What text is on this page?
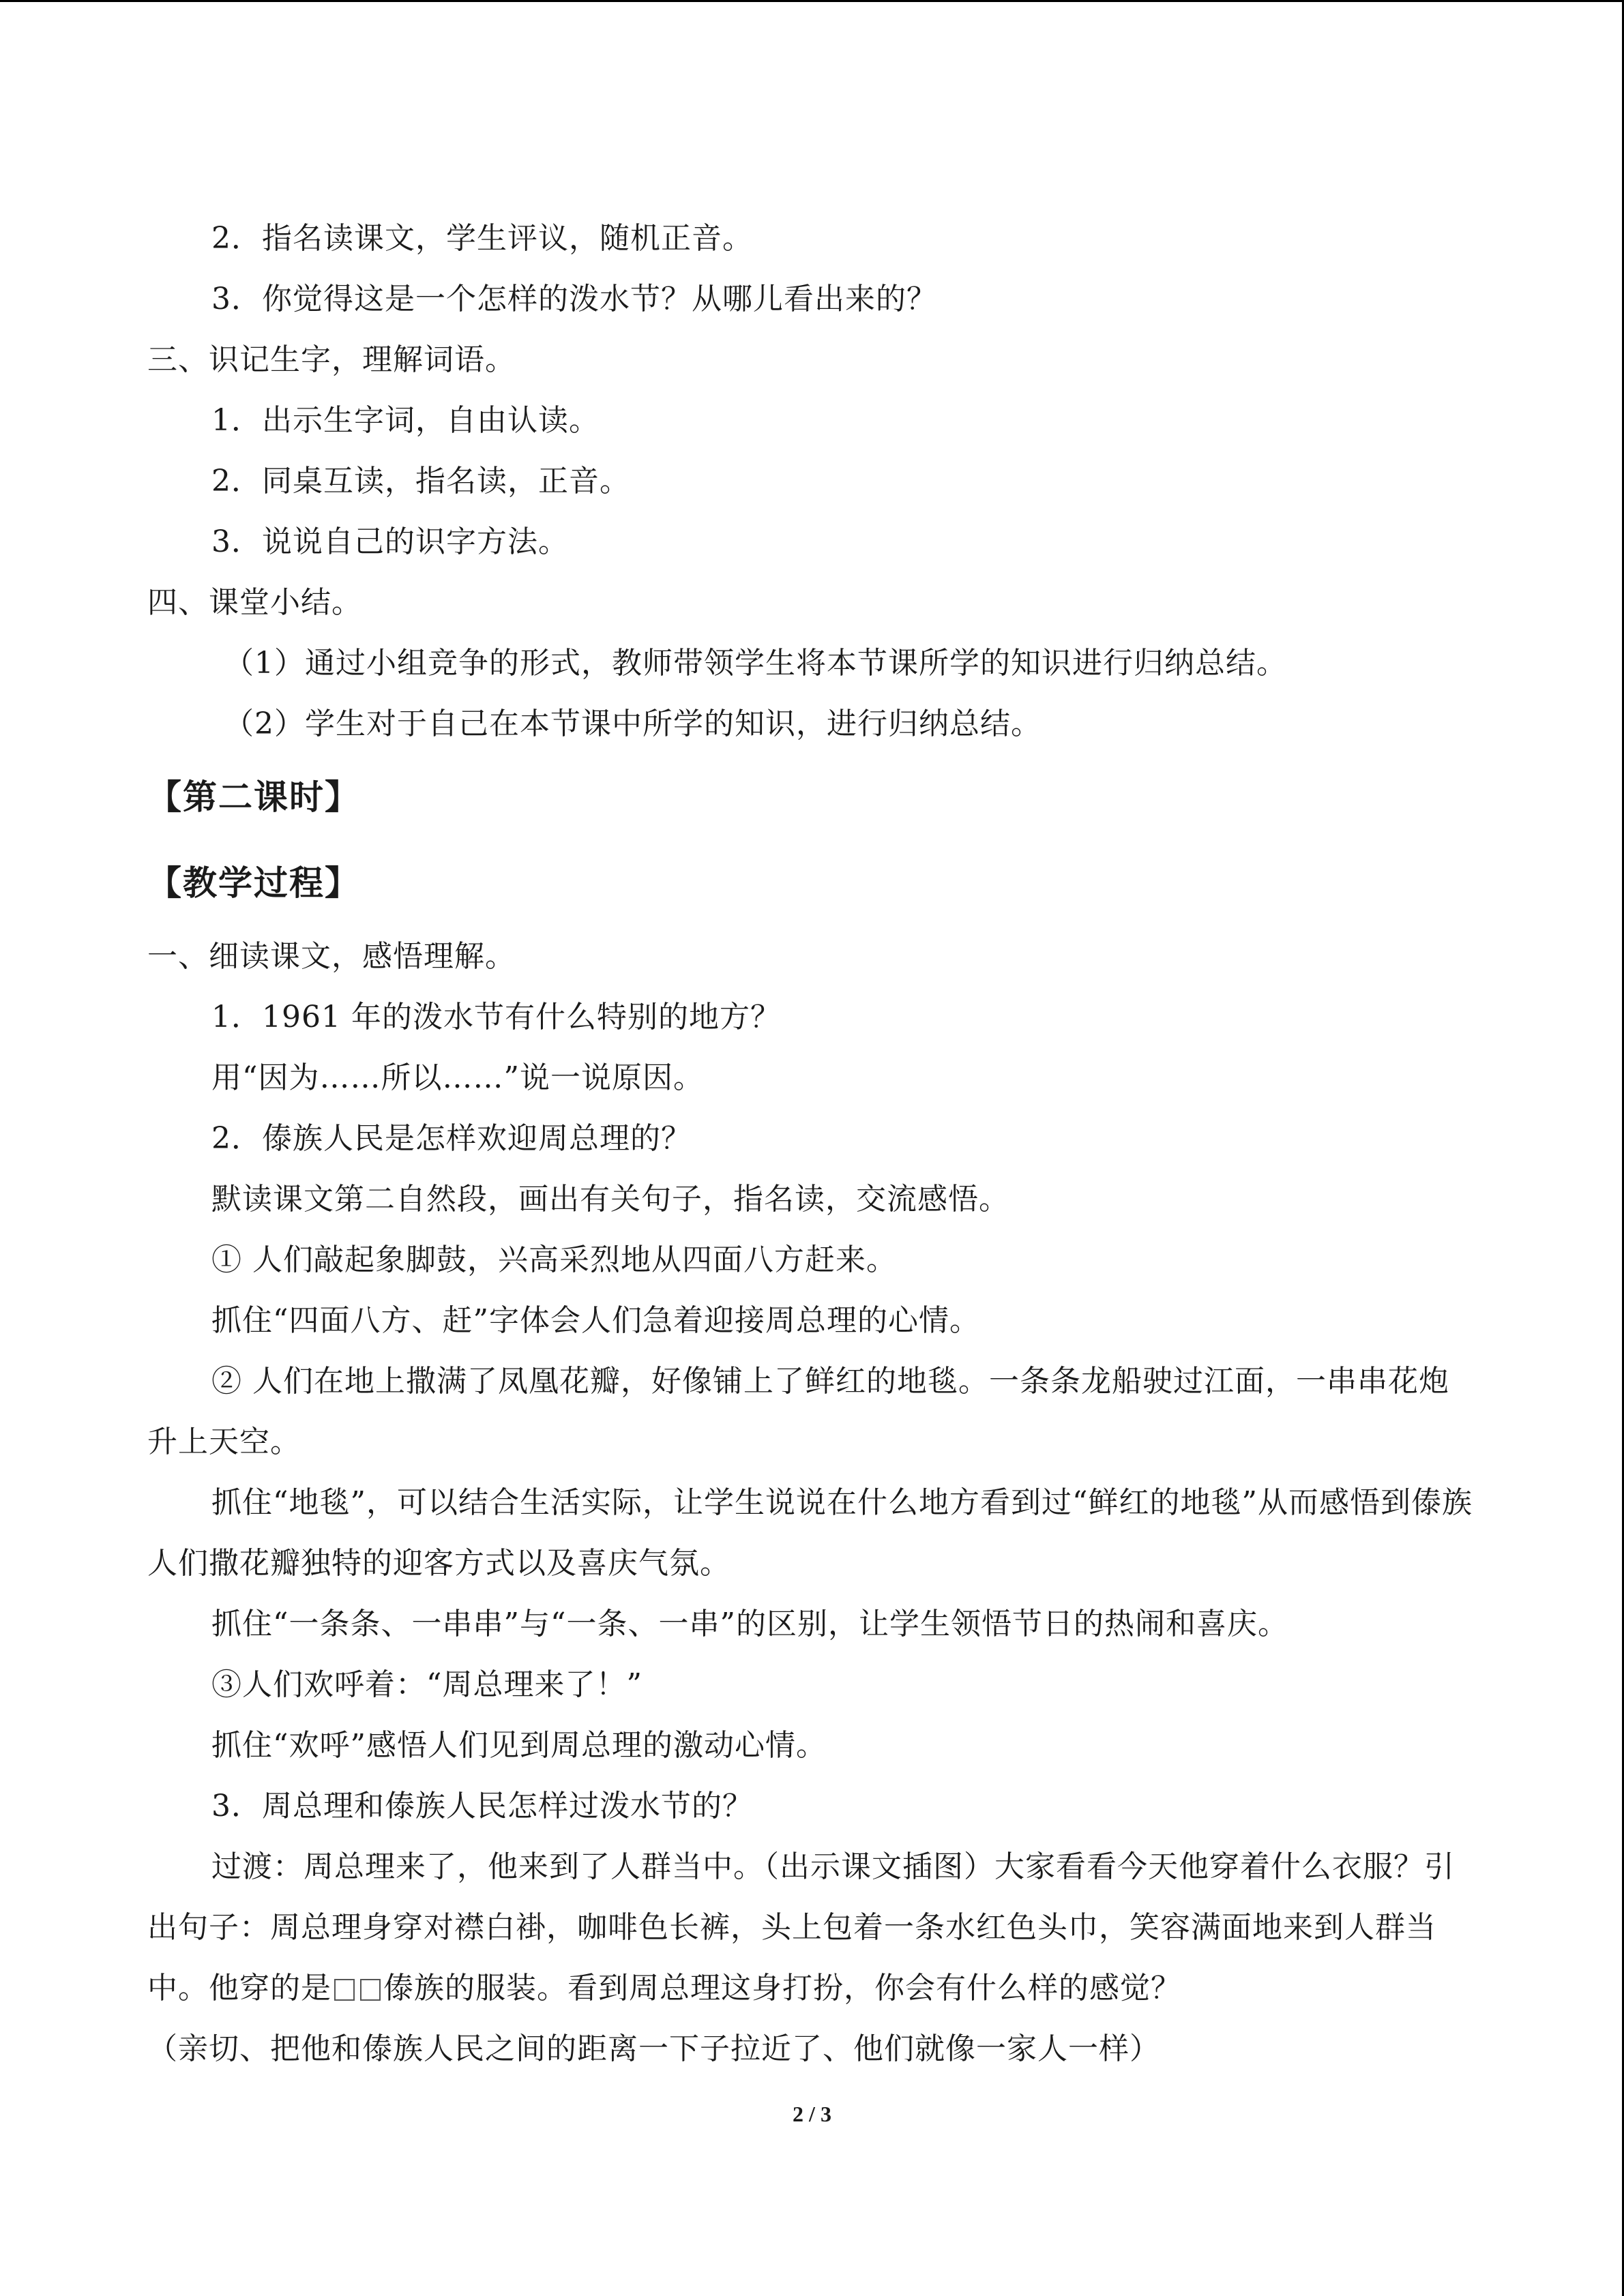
2．指名读课文，学生评议，随机正音。
3．你觉得这是一个怎样的泼水节？从哪儿看出来的？
三、识记生字，理解词语。
1．出示生字词，自由认读。
2．同桌互读，指名读，正音。
3．说说自己的识字方法。
四、课堂小结。
（1）通过小组竞争的形式，教师带领学生将本节课所学的知识进行归纳总结。
（2）学生对于自己在本节课中所学的知识，进行归纳总结。
【第二课时】
【教学过程】
一、细读课文，感悟理解。
1．1961 年的泼水节有什么特别的地方？
用“因为……所以……”说一说原因。
2．傣族人民是怎样欢迎周总理的？
默读课文第二自然段，画出有关句子，指名读，交流感悟。
① 人们敲起象脚鼓，兴高采烈地从四面八方赶来。
抓住“四面八方、赶”字体会人们急着迎接周总理的心情。
② 人们在地上撒满了凤凰花瓣，好像铺上了鲜红的地毯。一条条龙船驶过江面，一串串花炮升上天空。
抓住“地毯”，可以结合生活实际，让学生说说在什么地方看到过“鲜红的地毯”从而感悟到傣族人们撒花瓣独特的迎客方式以及喜庆气氛。
抓住“一条条、一串串”与“一条、一串”的区别，让学生领悟节日的热闹和喜庆。
③人们欢呼着：“周总理来了！”
抓住“欢呼”感悟人们见到周总理的激动心情。
3．周总理和傣族人民怎样过泼水节的？
过渡：周总理来了，他来到了人群当中。（出示课文插图）大家看看今天他穿着什么衣服？引出句子：周总理身穿对襟白褂，咖啡色长裤，头上包着一条水红色头巾，笑容满面地来到人群当中。他穿的是 傣族的服装。看到周总理这身打扮，你会有什么样的感觉？
（亲切、把他和傣族人民之间的距离一下子拉近了、他们就像一家人一样）
2 / 3
